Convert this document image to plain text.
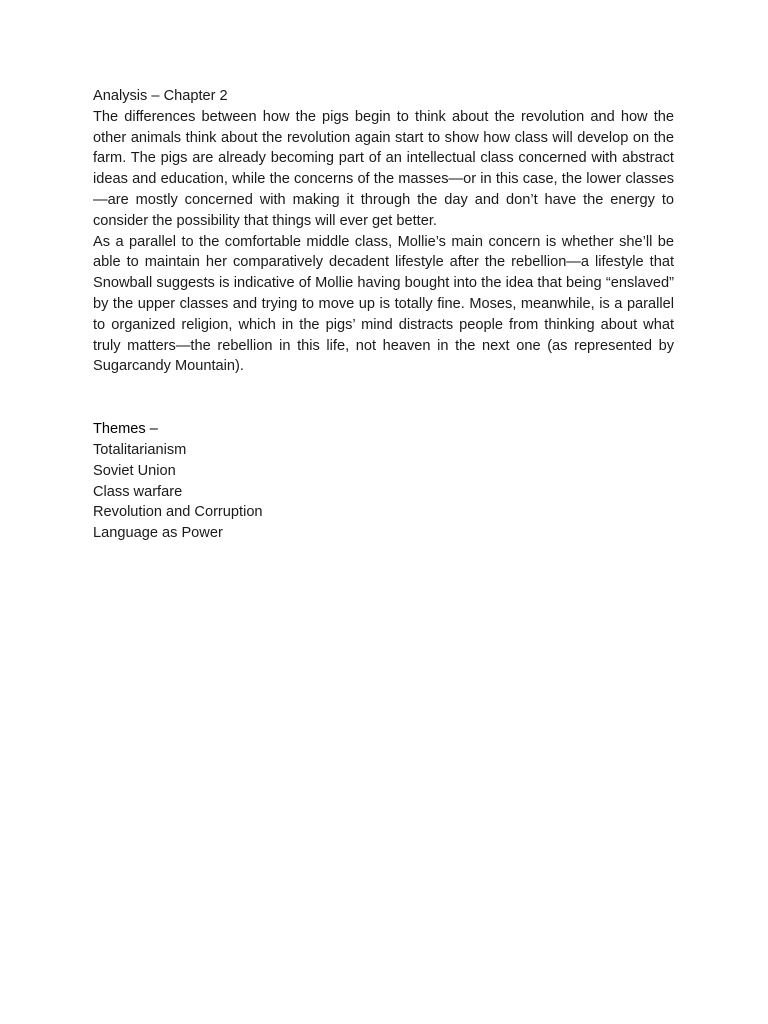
Analysis – Chapter 2

The differences between how the pigs begin to think about the revolution and how the other animals think about the revolution again start to show how class will develop on the farm. The pigs are already becoming part of an intellectual class concerned with abstract ideas and education, while the concerns of the masses—or in this case, the lower classes—are mostly concerned with making it through the day and don’t have the energy to consider the possibility that things will ever get better.

As a parallel to the comfortable middle class, Mollie’s main concern is whether she’ll be able to maintain her comparatively decadent lifestyle after the rebellion—a lifestyle that Snowball suggests is indicative of Mollie having bought into the idea that being “enslaved” by the upper classes and trying to move up is totally fine. Moses, meanwhile, is a parallel to organized religion, which in the pigs’ mind distracts people from thinking about what truly matters—the rebellion in this life, not heaven in the next one (as represented by Sugarcandy Mountain).

Themes –

Totalitarianism
Soviet Union
Class warfare
Revolution and Corruption
Language as Power
